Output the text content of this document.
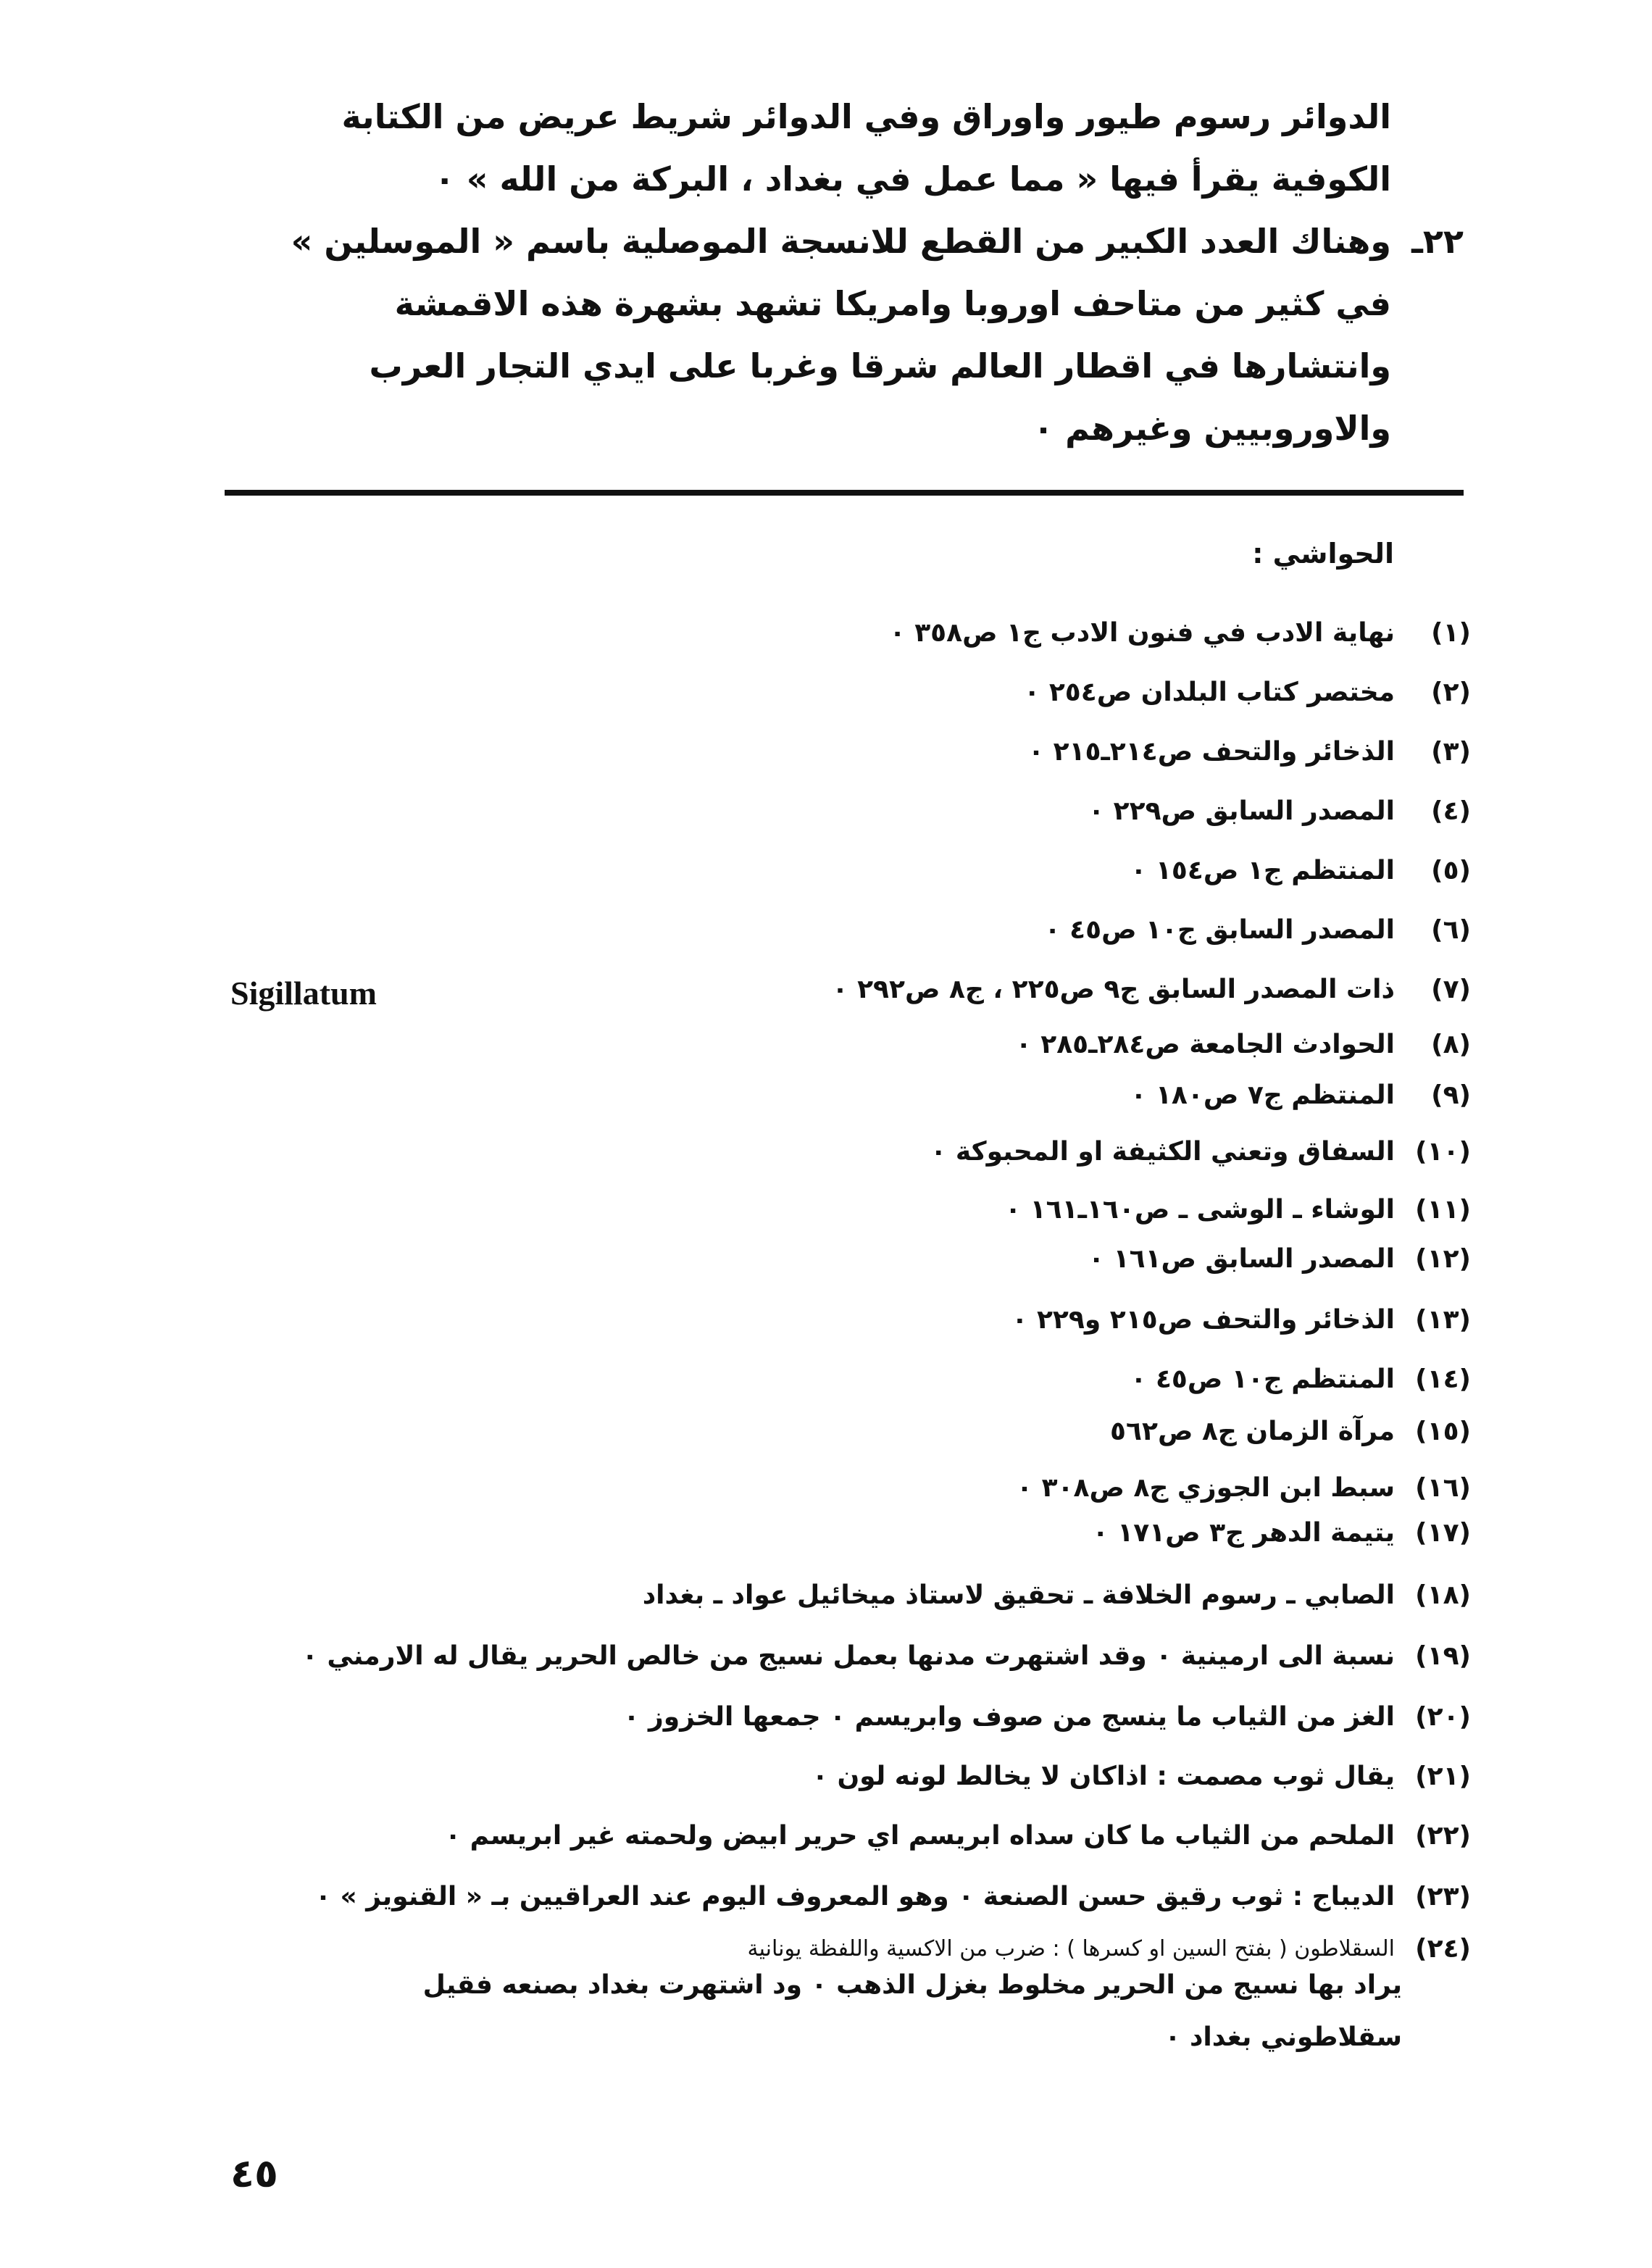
الدوائر رسوم طيور واوراق وفي الدوائر شريط عريض من الكتابة
الكوفية يقرأ فيها « مما عمل في بغداد ، البركة من الله » ٠
٢٢ـ
وهناك العدد الكبير من القطع للانسجة الموصلية باسم « الموسلين »
في كثير من متاحف اوروبا وامريكا تشهد بشهرة هذه الاقمشة
وانتشارها في اقطار العالم شرقا وغربا على ايدي التجار العرب
والاوروبيين وغيرهم ٠
الحواشي :
(١)
نهاية الادب في فنون الادب ج١ ص٣٥٨ ٠
(٢)
مختصر كتاب البلدان ص٢٥٤ ٠
(٣)
الذخائر والتحف ص٢١٤ـ٢١٥ ٠
(٤)
المصدر السابق ص٢٢٩ ٠
(٥)
المنتظم ج١ ص١٥٤ ٠
(٦)
المصدر السابق ج١٠ ص٤٥ ٠
(٧)
ذات المصدر السابق ج٩ ص٢٢٥ ، ج٨ ص٢٩٢ ٠
(٨)
الحوادث الجامعة ص٢٨٤ـ٢٨٥ ٠
(٩)
المنتظم ج٧ ص١٨٠ ٠
(١٠)
السفاق وتعني الكثيفة او المحبوكة ٠
(١١)
الوشاء ـ الوشى ـ ص١٦٠ـ١٦١ ٠
(١٢)
المصدر السابق ص١٦١ ٠
(١٣)
الذخائر والتحف ص٢١٥ و٢٢٩ ٠
(١٤)
المنتظم ج١٠ ص٤٥ ٠
(١٥)
مرآة الزمان ج٨ ص٥٦٢
(١٦)
سبط ابن الجوزي ج٨ ص٣٠٨ ٠
(١٧)
يتيمة الدهر ج٣ ص١٧١ ٠
(١٨)
الصابي ـ رسوم الخلافة ـ تحقيق لاستاذ ميخائيل عواد ـ بغداد
(١٩)
نسبة الى ارمينية ٠ وقد اشتهرت مدنها بعمل نسيج من خالص الحرير يقال له الارمني ٠
(٢٠)
الغز من الثياب ما ينسج من صوف وابريسم ٠ جمعها الخزوز ٠
(٢١)
يقال ثوب مصمت : اذاكان لا يخالط لونه لون ٠
(٢٢)
الملحم من الثياب ما كان سداه ابريسم اي حرير ابيض ولحمته غير ابريسم ٠
(٢٣)
الديباج : ثوب رقيق حسن الصنعة ٠ وهو المعروف اليوم عند العراقيين بـ « القنويز » ٠
(٢٤)
السقلاطون ( بفتح السين او كسرها ) : ضرب من الاكسية واللفظة يونانية
Sigillatum
يراد بها نسيج من الحرير مخلوط بغزل الذهب ٠ ود اشتهرت بغداد بصنعه فقيل
سقلاطوني بغداد ٠
٤٥
